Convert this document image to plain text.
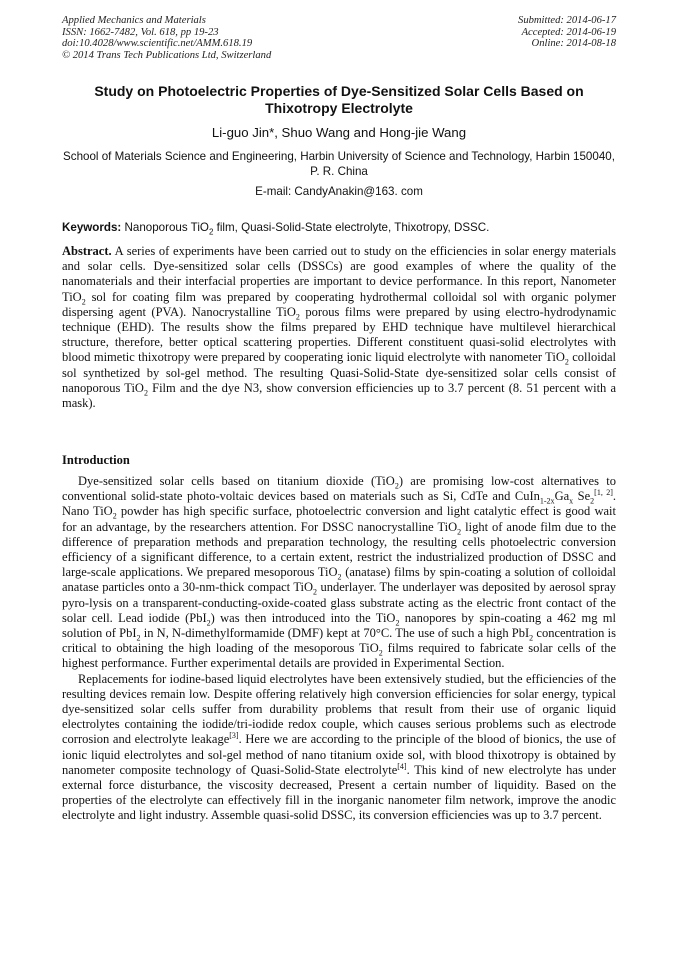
Applied Mechanics and Materials
ISSN: 1662-7482, Vol. 618, pp 19-23
doi:10.4028/www.scientific.net/AMM.618.19
© 2014 Trans Tech Publications Ltd, Switzerland
Submitted: 2014-06-17
Accepted: 2014-06-19
Online: 2014-08-18
Study on Photoelectric Properties of Dye-Sensitized Solar Cells Based on Thixotropy Electrolyte
Li-guo Jin*, Shuo Wang and Hong-jie Wang
School of Materials Science and Engineering, Harbin University of Science and Technology, Harbin 150040, P. R. China
E-mail: CandyAnakin@163. com
Keywords: Nanoporous TiO$_2$ film, Quasi-Solid-State electrolyte, Thixotropy, DSSC.
Abstract. A series of experiments have been carried out to study on the efficiencies in solar energy materials and solar cells. Dye-sensitized solar cells (DSSCs) are good examples of where the quality of the nanomaterials and their interfacial properties are important to device performance. In this report, Nanometer TiO$_2$ sol for coating film was prepared by cooperating hydrothermal colloidal sol with organic polymer dispersing agent (PVA). Nanocrystalline TiO$_2$ porous films were prepared by using electro-hydrodynamic technique (EHD). The results show the films prepared by EHD technique have multilevel hierarchical structure, therefore, better optical scattering properties. Different constituent quasi-solid electrolytes with blood mimetic thixotropy were prepared by cooperating ionic liquid electrolyte with nanometer TiO$_2$ colloidal sol synthetized by sol-gel method. The resulting Quasi-Solid-State dye-sensitized solar cells consist of nanoporous TiO$_2$ Film and the dye N3, show conversion efficiencies up to 3.7 percent (8. 51 percent with a mask).
Introduction

Dye-sensitized solar cells based on titanium dioxide (TiO$_2$) are promising low-cost alternatives to conventional solid-state photo-voltaic devices based on materials such as Si, CdTe and $CuIn_{1-2x}Ga_x$ $Se_2[1, 2]$. Nano TiO$_2$ powder has high specific surface, photoelectric conversion and light catalytic effect is good wait for an advantage, by the researchers attention. For DSSC nanocrystalline TiO$_2$ light of anode film due to the difference of preparation methods and preparation technology, the resulting cells photoelectric conversion efficiency of a significant difference, to a certain extent, restrict the industrialized production of DSSC and large-scale applications. We prepared mesoporous TiO$_2$ (anatase) films by spin-coating a solution of colloidal anatase particles onto a 30-nm-thick compact TiO$_2$ underlayer. The underlayer was deposited by aerosol spray pyro-lysis on a transparent-conducting-oxide-coated glass substrate acting as the electric front contact of the solar cell. Lead iodide (PbI$_2$) was then introduced into the TiO$_2$ nanopores by spin-coating a 462 mg ml solution of PbI$_2$ in N, N-dimethylformamide (DMF) kept at 70°C. The use of such a high PbI$_2$ concentration is critical to obtaining the high loading of the mesoporous TiO$_2$ films required to fabricate solar cells of the highest performance. Further experimental details are provided in Experimental Section.

Replacements for iodine-based liquid electrolytes have been extensively studied, but the efficiencies of the resulting devices remain low. Despite offering relatively high conversion efficiencies for solar energy, typical dye-sensitized solar cells suffer from durability problems that result from their use of organic liquid electrolytes containing the iodide/tri-iodide redox couple, which causes serious problems such as electrode corrosion and electrolyte leakage[3]. Here we are according to the principle of the blood of bionics, the use of ionic liquid electrolytes and sol-gel method of nano titanium oxide sol, with blood thixotropy is obtained by nanometer composite technology of Quasi-Solid-State electrolyte[4]. This kind of new electrolyte has under external force disturbance, the viscosity decreased, Present a certain number of liquidity. Based on the properties of the electrolyte can effectively fill in the inorganic nanometer film network, improve the anodic electrolyte and light industry. Assemble quasi-solid DSSC, its conversion efficiencies was up to 3.7 percent.
